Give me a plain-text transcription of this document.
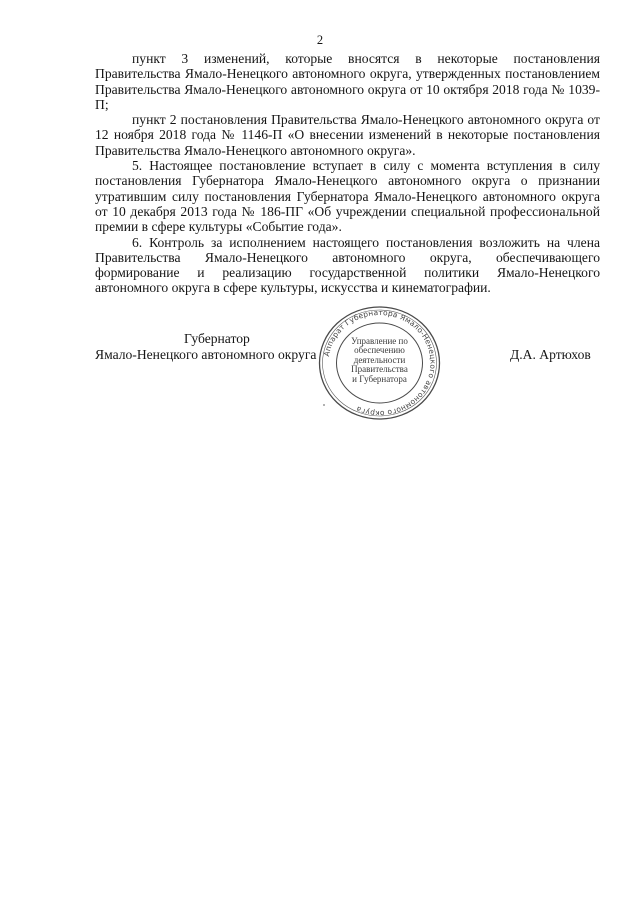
2

пункт 3 изменений, которые вносятся в некоторые постановления Правительства Ямало-Ненецкого автономного округа, утвержденных постановлением Правительства Ямало-Ненецкого автономного округа от 10 октября 2018 года № 1039-П;

пункт 2 постановления Правительства Ямало-Ненецкого автономного округа от 12 ноября 2018 года № 1146-П «О внесении изменений в некоторые постановления Правительства Ямало-Ненецкого автономного округа».

5. Настоящее постановление вступает в силу с момента вступления в силу постановления Губернатора Ямало-Ненецкого автономного округа о признании утратившим силу постановления Губернатора Ямало-Ненецкого автономного округа от 10 декабря 2013 года № 186-ПГ «Об учреждении специальной профессиональной премии в сфере культуры «Событие года».

6. Контроль за исполнением настоящего постановления возложить на члена Правительства Ямало-Ненецкого автономного округа, обеспечивающего формирование и реализацию государственной политики Ямало-Ненецкого автономного округа в сфере культуры, искусства и кинематографии.

Губернатор
Ямало-Ненецкого автономного округа Аппарат Губернатора Ямало-Ненецкого автономного округа
Управление по
обеспечению
деятельности
Правительства
и Губернатора
Д.А. Артюхов
